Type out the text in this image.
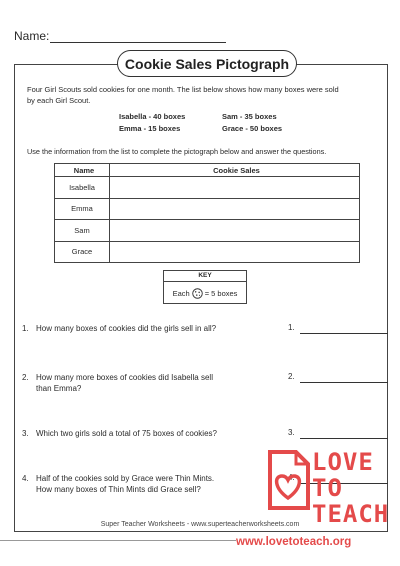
Name:
Cookie Sales Pictograph
Four Girl Scouts sold cookies for one month. The list below shows how many boxes were sold
by each Girl Scout.
Isabella - 40 boxes	Sam - 35 boxes
Emma - 15 boxes	Grace - 50 boxes
Use the information from the list to complete the pictograph below and answer the questions.
Name	Cookie Sales
Isabella	
Emma	
Sam	
Grace	
KEY
Each = 5 boxes
1. How many boxes of cookies did the girls sell in all?	1.
2. How many more boxes of cookies did Isabella sell
than Emma?
2.
3. Which two girls sold a total of 75 boxes of cookies?	3.
4. Half of the cookies sold by Grace were Thin Mints.
How many boxes of Thin Mints did Grace sell?
4.
Super Teacher Worksheets - www.superteacherworksheets.com
LOVE
TO
TEACH
www.lovetoteach.org
